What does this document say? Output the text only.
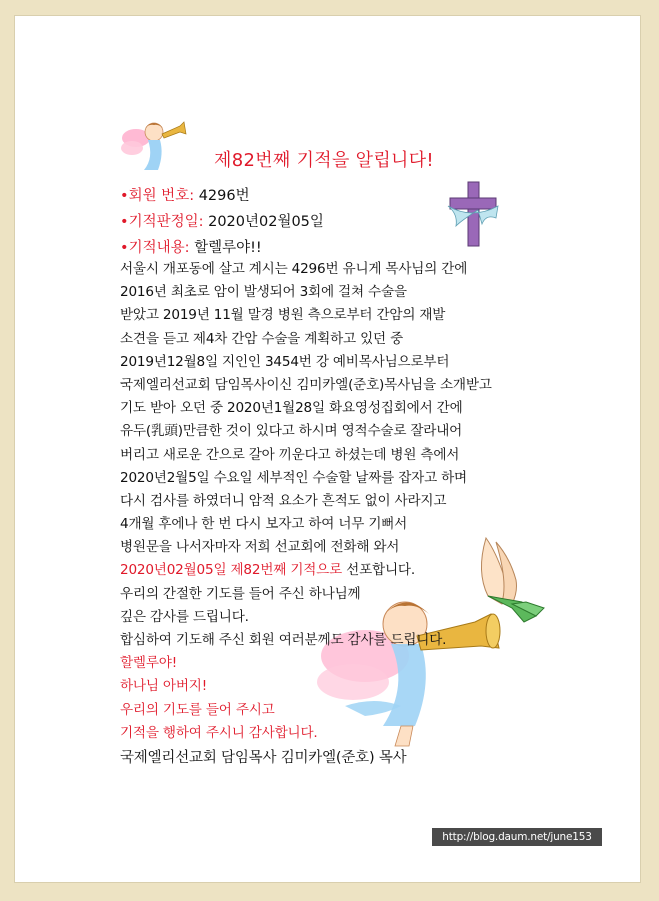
제82번째 기적을 알립니다!
•회원 번호: 4296번
•기적판정일: 2020년02월05일
•기적내용: 할렐루야!!
서울시 개포동에 살고 계시는 4296번 유니게 목사님의 간에
2016년 최초로 암이 발생되어 3회에 걸쳐 수술을
받았고 2019년 11월 말경 병원 측으로부터 간암의 재발
소견을 듣고 제4차 간암 수술을 계획하고 있던 중
2019년12월8일 지인인 3454번 강 예비목사님으로부터
국제엘리선교회 담임목사이신 김미카엘(준호)목사님을 소개받고
기도 받아 오던 중 2020년1월28일 화요영성집회에서 간에
유두(乳頭)만큼한 것이 있다고 하시며 영적수술로 잘라내어
버리고 새로운 간으로 갈아 끼운다고 하셨는데 병원 측에서
2020년2월5일 수요일 세부적인 수술할 날짜를 잡자고 하며
다시 검사를 하였더니 암적 요소가 흔적도 없이 사라지고
4개월 후에나 한 번 다시 보자고 하여 너무 기뻐서
병원문을 나서자마자 저희 선교회에 전화해 와서
2020년02월05일 제82번째 기적으로 선포합니다.
우리의 간절한 기도를 들어 주신 하나님께
깊은 감사를 드립니다.
합심하여 기도해 주신 회원 여러분께도 감사를 드립니다.
할렐루야!
하나님 아버지!
우리의 기도를 들어 주시고
기적을 행하여 주시니 감사합니다.
국제엘리선교회 담임목사 김미카엘(준호) 목사
http://blog.daum.net/june153
